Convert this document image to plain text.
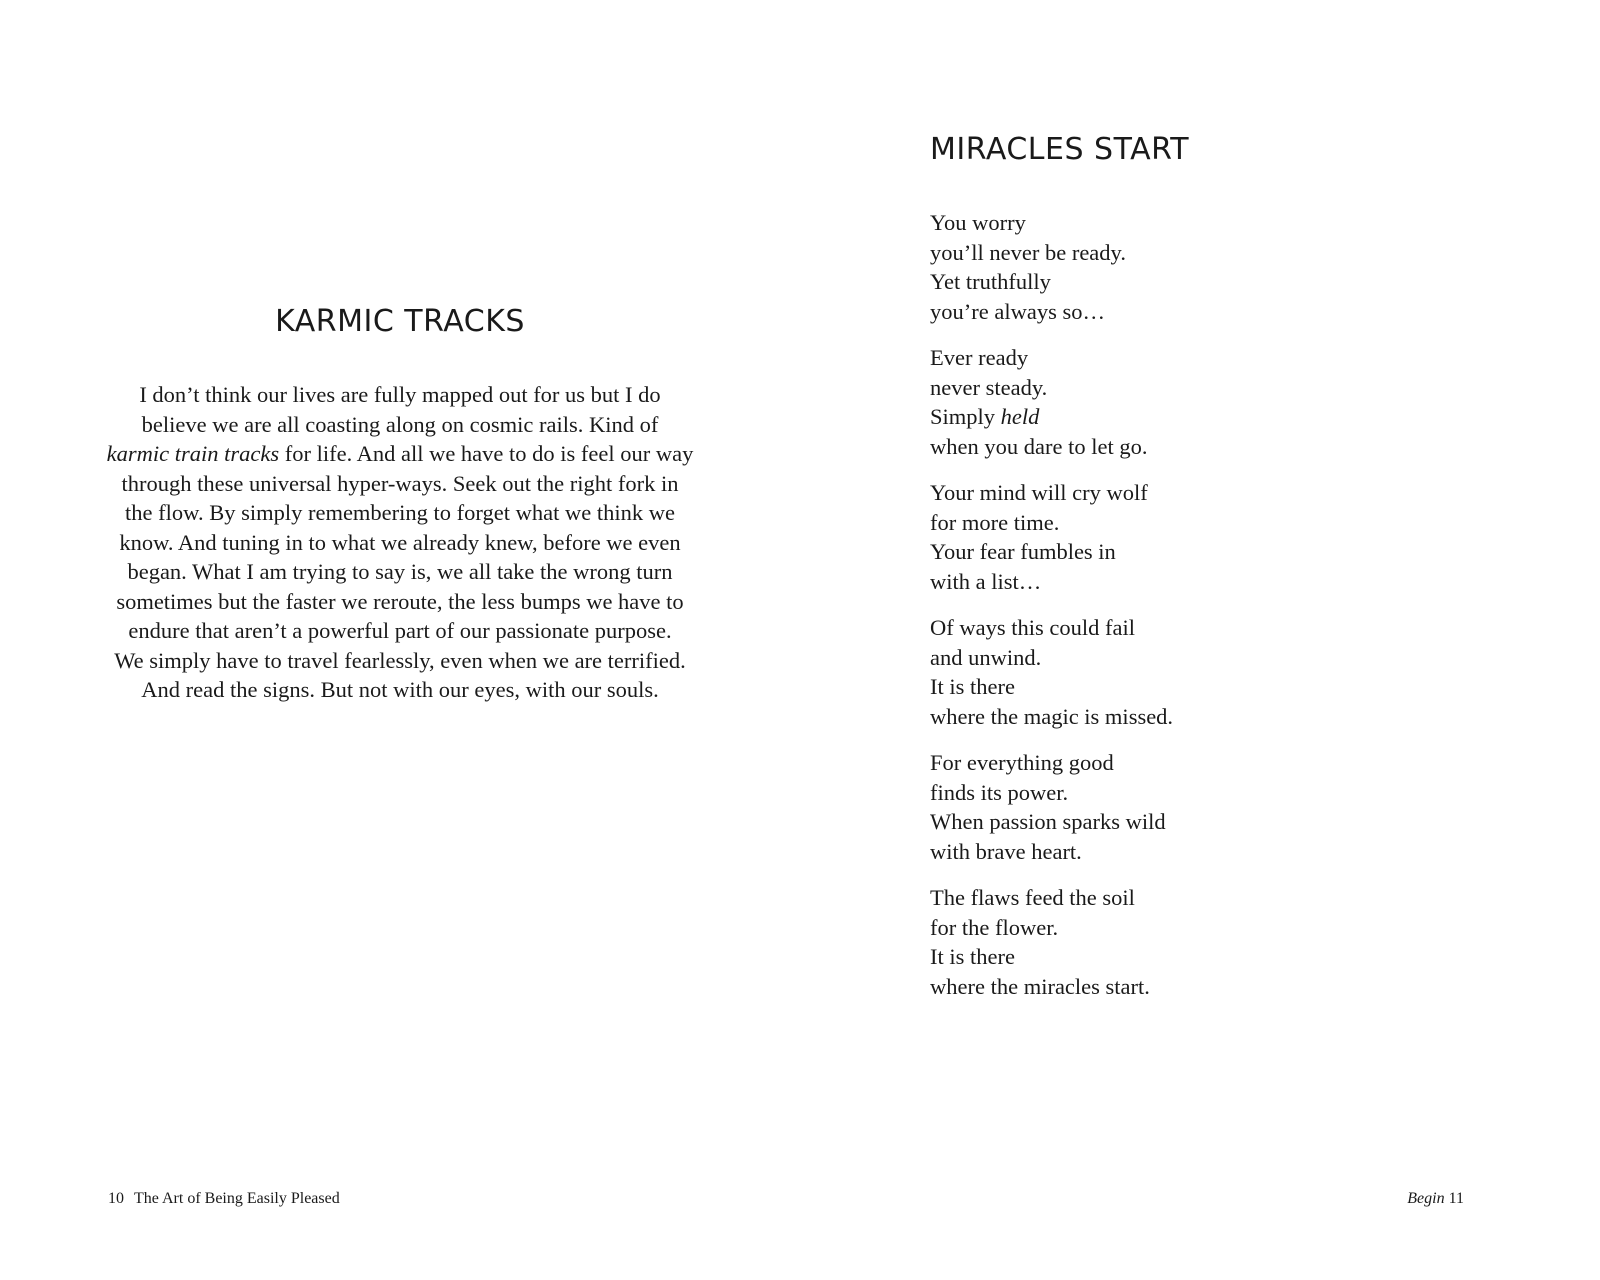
KARMIC TRACKS
I don’t think our lives are fully mapped out for us but I do
believe we are all coasting along on cosmic rails. Kind of
karmic train tracks for life. And all we have to do is feel our way
through these universal hyper-ways. Seek out the right fork in
the flow. By simply remembering to forget what we think we
know. And tuning in to what we already knew, before we even
began. What I am trying to say is, we all take the wrong turn
sometimes but the faster we reroute, the less bumps we have to
endure that aren’t a powerful part of our passionate purpose.
We simply have to travel fearlessly, even when we are terrified.
And read the signs. But not with our eyes, with our souls.
10 The Art of Being Easily Pleased
MIRACLES START
You worry
you’ll never be ready.
Yet truthfully
you’re always so…
Ever ready
never steady.
Simply held
when you dare to let go.
Your mind will cry wolf
for more time.
Your fear fumbles in
with a list…
Of ways this could fail
and unwind.
It is there
where the magic is missed.
For everything good
finds its power.
When passion sparks wild
with brave heart.
The flaws feed the soil
for the flower.
It is there
where the miracles start.
Begin 11
